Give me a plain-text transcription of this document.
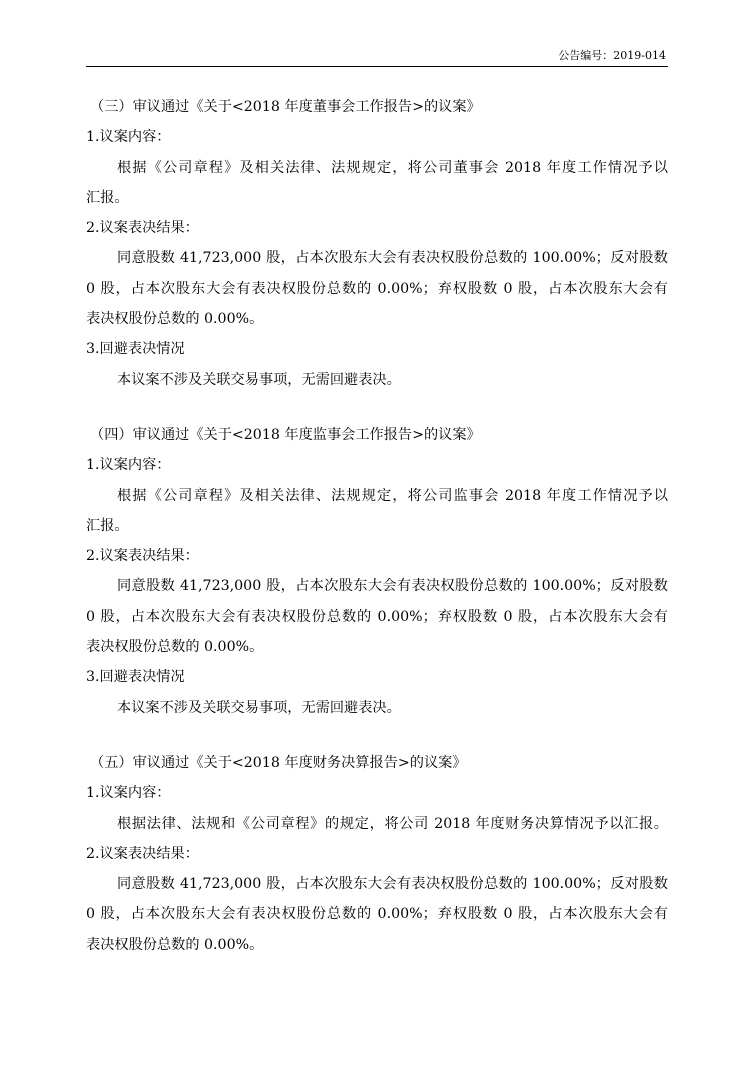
公告编号：2019-014
（三）审议通过《关于<2018 年度董事会工作报告>的议案》
1.议案内容：
根据《公司章程》及相关法律、法规规定，将公司董事会 2018 年度工作情况予以
汇报。
2.议案表决结果：
同意股数 41,723,000 股，占本次股东大会有表决权股份总数的 100.00%；反对股数
0 股，占本次股东大会有表决权股份总数的 0.00%；弃权股数 0 股，占本次股东大会有
表决权股份总数的 0.00%。
3.回避表决情况
本议案不涉及关联交易事项，无需回避表决。
（四）审议通过《关于<2018 年度监事会工作报告>的议案》
1.议案内容：
根据《公司章程》及相关法律、法规规定，将公司监事会 2018 年度工作情况予以
汇报。
2.议案表决结果：
同意股数 41,723,000 股，占本次股东大会有表决权股份总数的 100.00%；反对股数
0 股，占本次股东大会有表决权股份总数的 0.00%；弃权股数 0 股，占本次股东大会有
表决权股份总数的 0.00%。
3.回避表决情况
本议案不涉及关联交易事项，无需回避表决。
（五）审议通过《关于<2018 年度财务决算报告>的议案》
1.议案内容：
根据法律、法规和《公司章程》的规定，将公司 2018 年度财务决算情况予以汇报。
2.议案表决结果：
同意股数 41,723,000 股，占本次股东大会有表决权股份总数的 100.00%；反对股数
0 股，占本次股东大会有表决权股份总数的 0.00%；弃权股数 0 股，占本次股东大会有
表决权股份总数的 0.00%。
